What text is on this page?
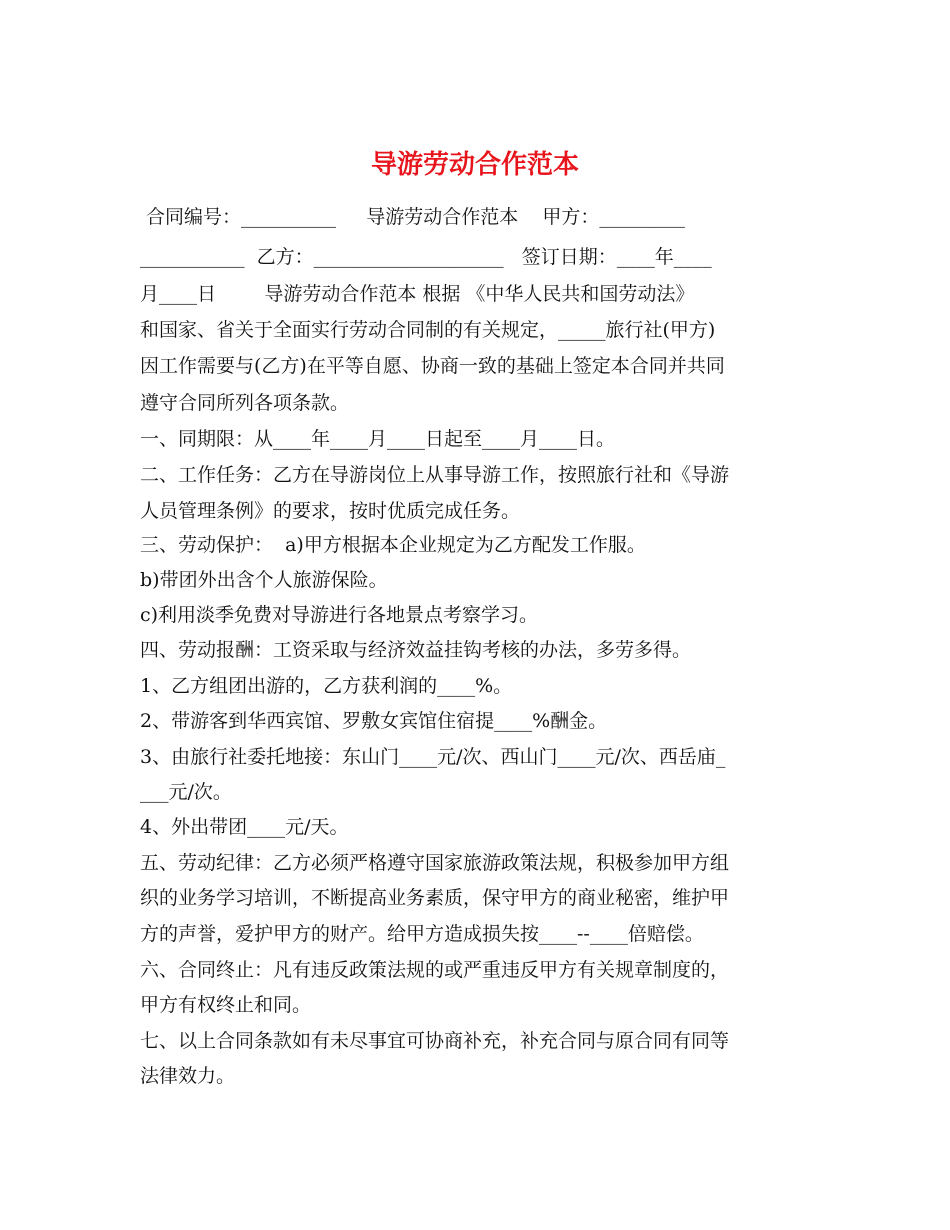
导游劳动合作范本

合同编号：__________     导游劳动合作范本    甲方：_________

___________  乙方：____________________   签订日期：____年____

月____日        导游劳动合作范本 根据 《中华人民共和国劳动法》

和国家、省关于全面实行劳动合同制的有关规定，_____旅行社(甲方)

因工作需要与(乙方)在平等自愿、协商一致的基础上签定本合同并共同

遵守合同所列各项条款。

一、同期限：从____年____月____日起至____月____日。

二、工作任务：乙方在导游岗位上从事导游工作，按照旅行社和《导游

人员管理条例》的要求，按时优质完成任务。

三、劳动保护：  a)甲方根据本企业规定为乙方配发工作服。

b)带团外出含个人旅游保险。

c)利用淡季免费对导游进行各地景点考察学习。

四、劳动报酬：工资采取与经济效益挂钩考核的办法，多劳多得。

1、乙方组团出游的，乙方获利润的____%。

2、带游客到华西宾馆、罗敷女宾馆住宿提____%酬金。

3、由旅行社委托地接：东山门____元/次、西山门____元/次、西岳庙_

___元/次。

4、外出带团____元/天。

五、劳动纪律：乙方必须严格遵守国家旅游政策法规，积极参加甲方组

织的业务学习培训，不断提高业务素质，保守甲方的商业秘密，维护甲

方的声誉，爱护甲方的财产。给甲方造成损失按____--____倍赔偿。

六、合同终止：凡有违反政策法规的或严重违反甲方有关规章制度的，

甲方有权终止和同。

七、以上合同条款如有未尽事宜可协商补充，补充合同与原合同有同等

法律效力。
